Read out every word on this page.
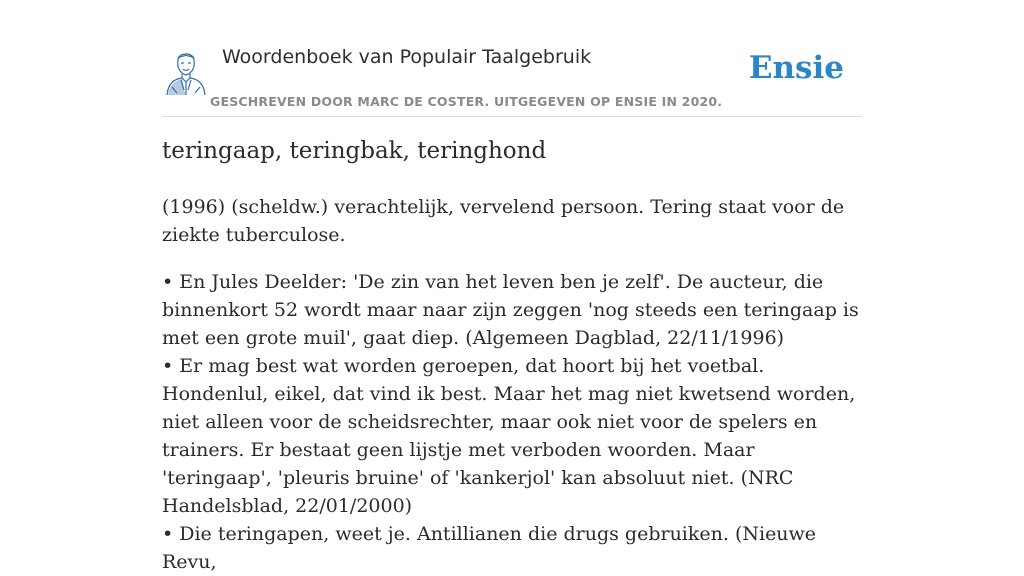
Woordenboek van Populair Taalgebruik
GESCHREVEN DOOR MARC DE COSTER. UITGEGEVEN OP ENSIE IN 2020.
Ensie
teringaap, teringbak, teringhond

(1996) (scheldw.) verachtelijk, vervelend persoon. Tering staat voor de ziekte tuberculose.

• En Jules Deelder: 'De zin van het leven ben je zelf'. De aucteur, die binnenkort 52 wordt maar naar zijn zeggen 'nog steeds een teringaap is met een grote muil', gaat diep. (Algemeen Dagblad, 22/11/1996)

• Er mag best wat worden geroepen, dat hoort bij het voetbal. Hondenlul, eikel, dat vind ik best. Maar het mag niet kwetsend worden, niet alleen voor de scheidsrechter, maar ook niet voor de spelers en trainers. Er bestaat geen lijstje met verboden woorden. Maar 'teringaap', 'pleuris bruine' of 'kankerjol' kan absoluut niet. (NRC Handelsblad, 22/01/2000)

• Die teringapen, weet je. Antillianen die drugs gebruiken. (Nieuwe Revu,
